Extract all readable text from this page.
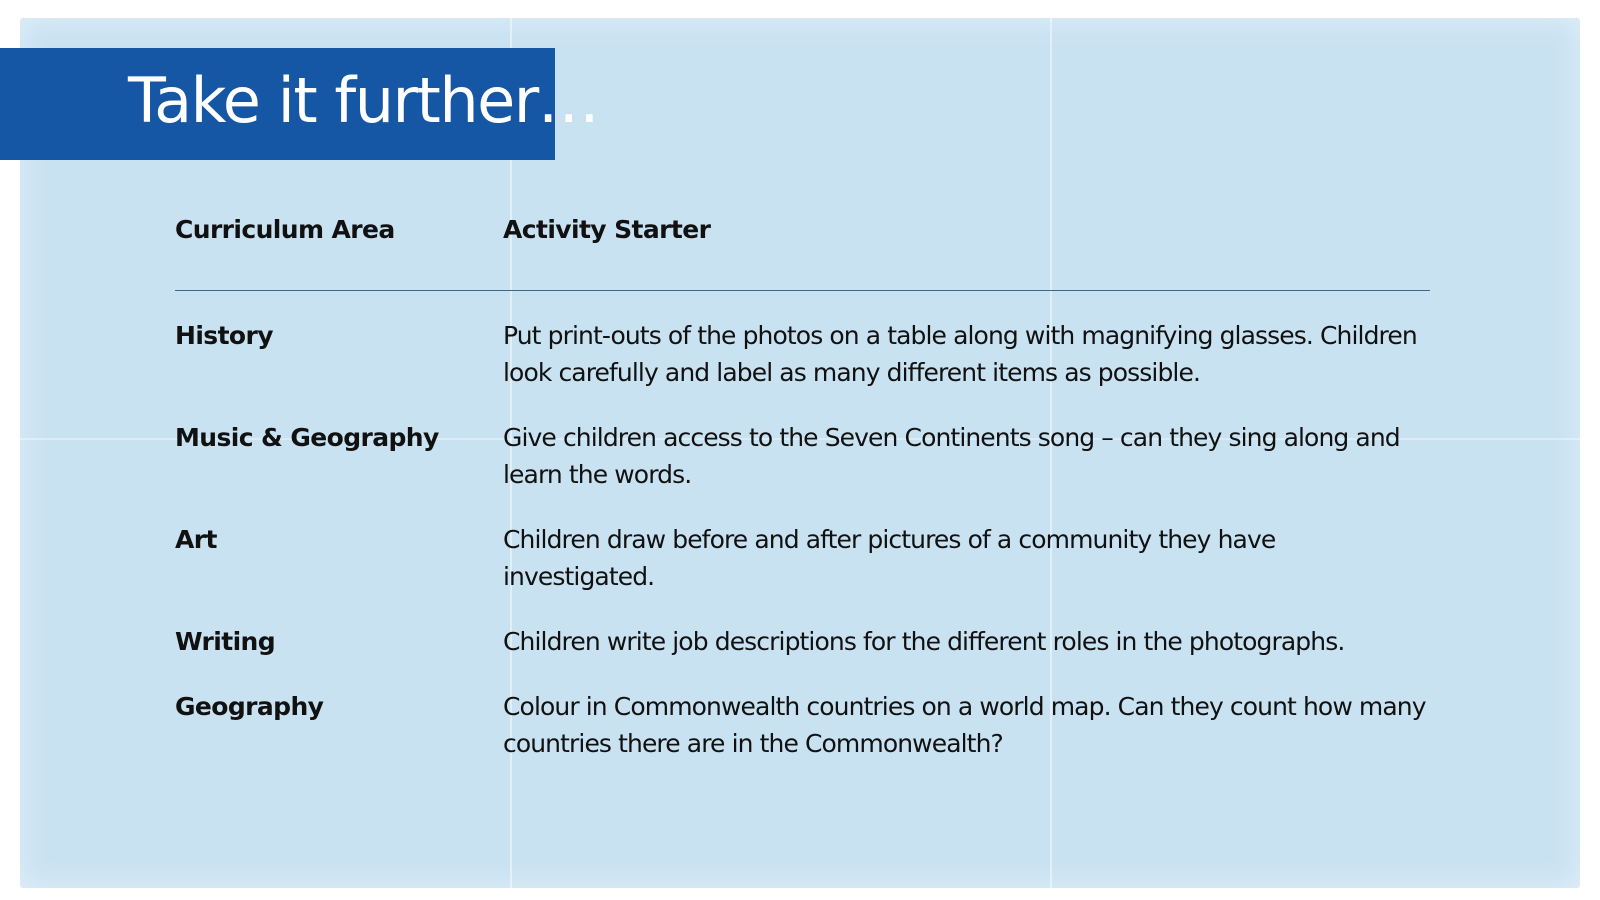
Take it further…
Curriculum Area	Activity Starter
History	Put print-outs of the photos on a table along with magnifying glasses. Children look carefully and label as many different items as possible.
Music & Geography	Give children access to the Seven Continents song – can they sing along and learn the words.
Art	Children draw before and after pictures of a community they have investigated.
Writing	Children write job descriptions for the different roles in the photographs.
Geography	Colour in Commonwealth countries on a world map. Can they count how many countries there are in the Commonwealth?
